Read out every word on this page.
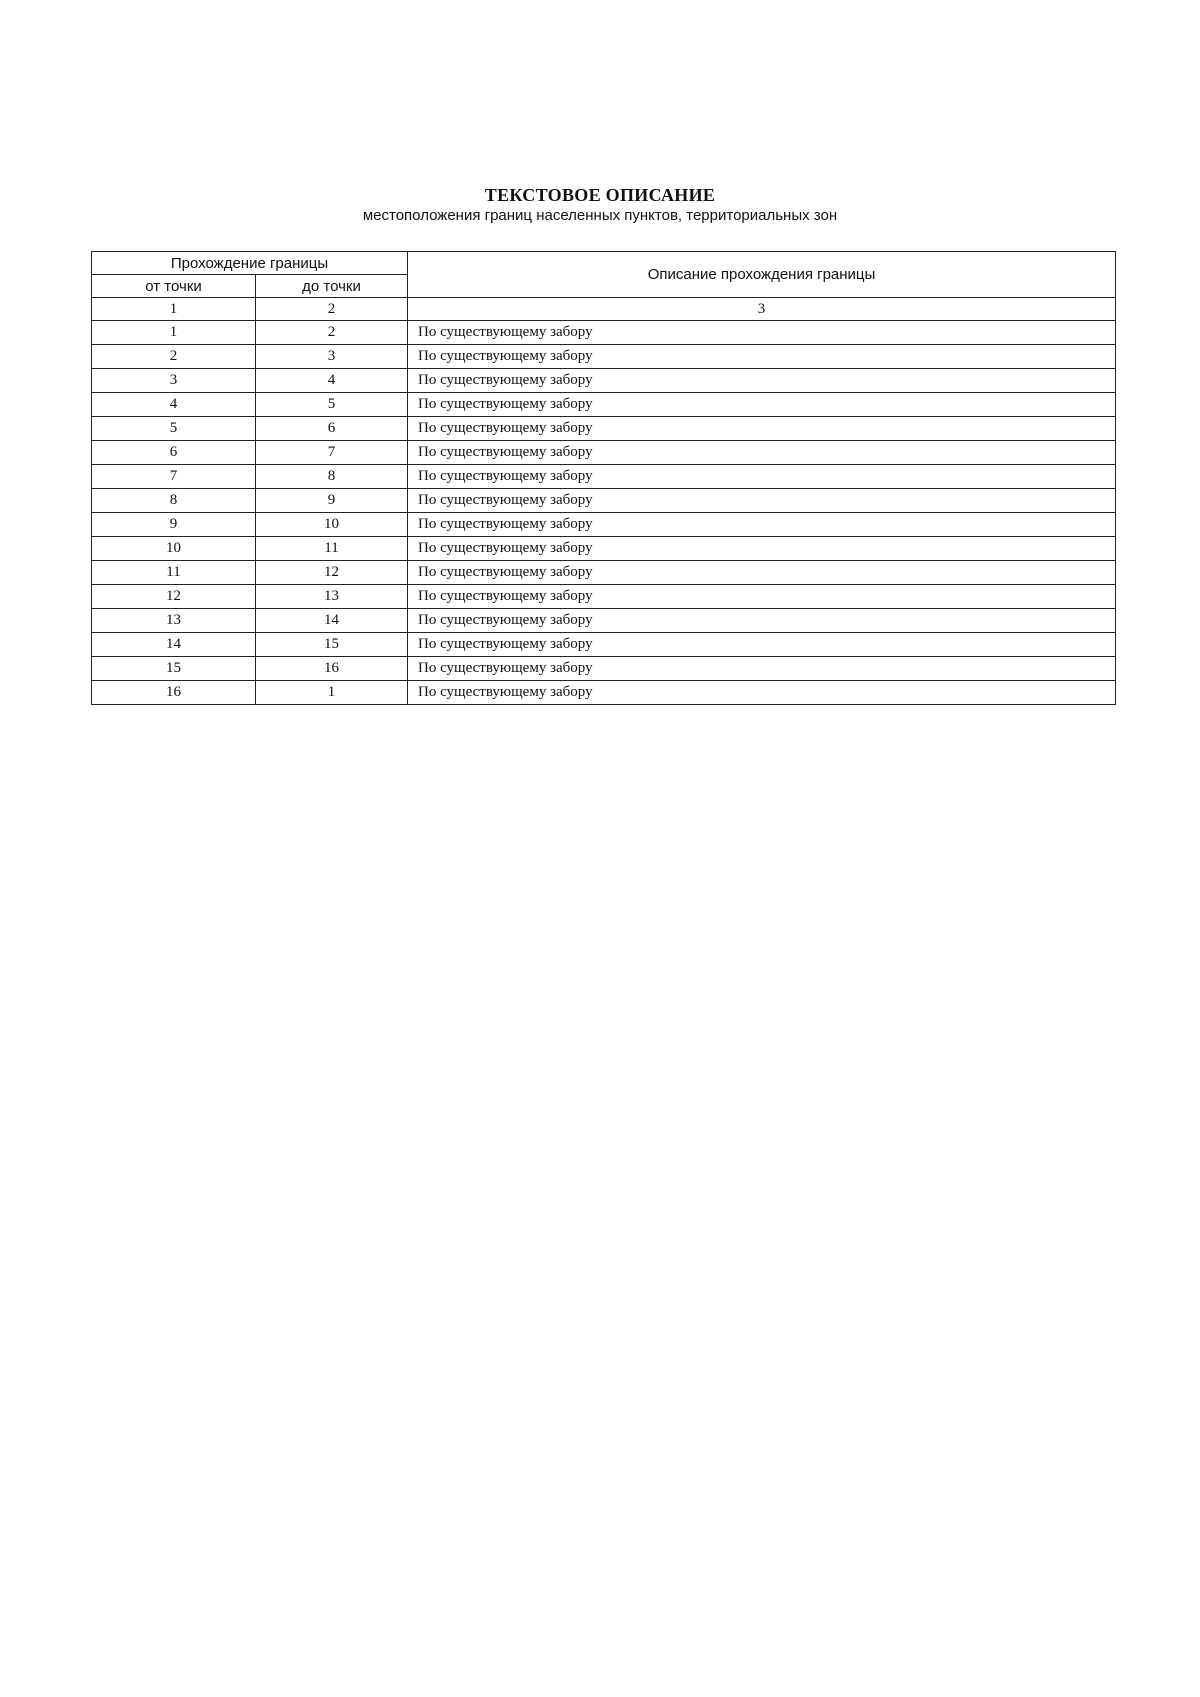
ТЕКСТОВОЕ ОПИСАНИЕ

местоположения границ населенных пунктов, территориальных зон

Прохождение границы		Описание прохождения границы
от точки	до точки	
1	2	3
1	2	По существующему забору
2	3	По существующему забору
3	4	По существующему забору
4	5	По существующему забору
5	6	По существующему забору
6	7	По существующему забору
7	8	По существующему забору
8	9	По существующему забору
9	10	По существующему забору
10	11	По существующему забору
11	12	По существующему забору
12	13	По существующему забору
13	14	По существующему забору
14	15	По существующему забору
15	16	По существующему забору
16	1	По существующему забору
